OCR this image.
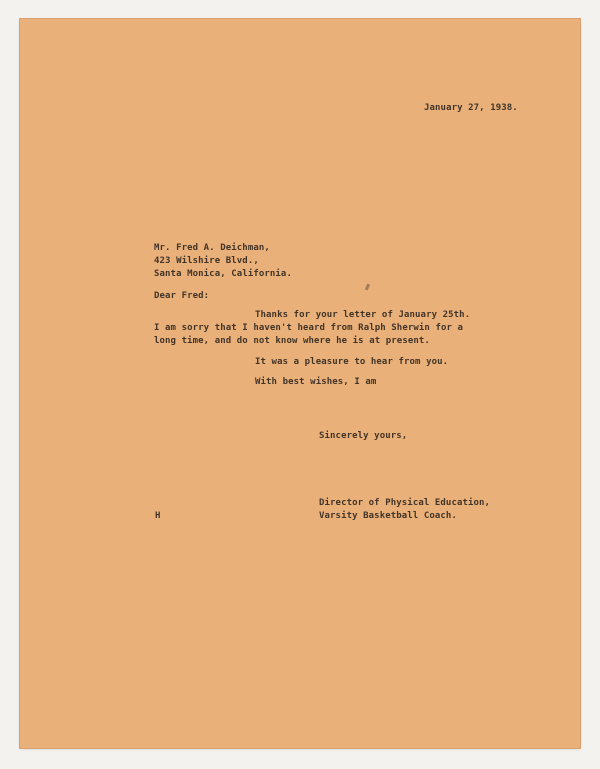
January 27, 1938.
Mr. Fred A. Deichman,
423 Wilshire Blvd.,
Santa Monica, California.
Dear Fred:
Thanks for your letter of January 25th.
I am sorry that I haven't heard from Ralph Sherwin for a
long time, and do not know where he is at present.
It was a pleasure to hear from you.
With best wishes, I am
Sincerely yours,
Director of Physical Education,
Varsity Basketball Coach.
H
